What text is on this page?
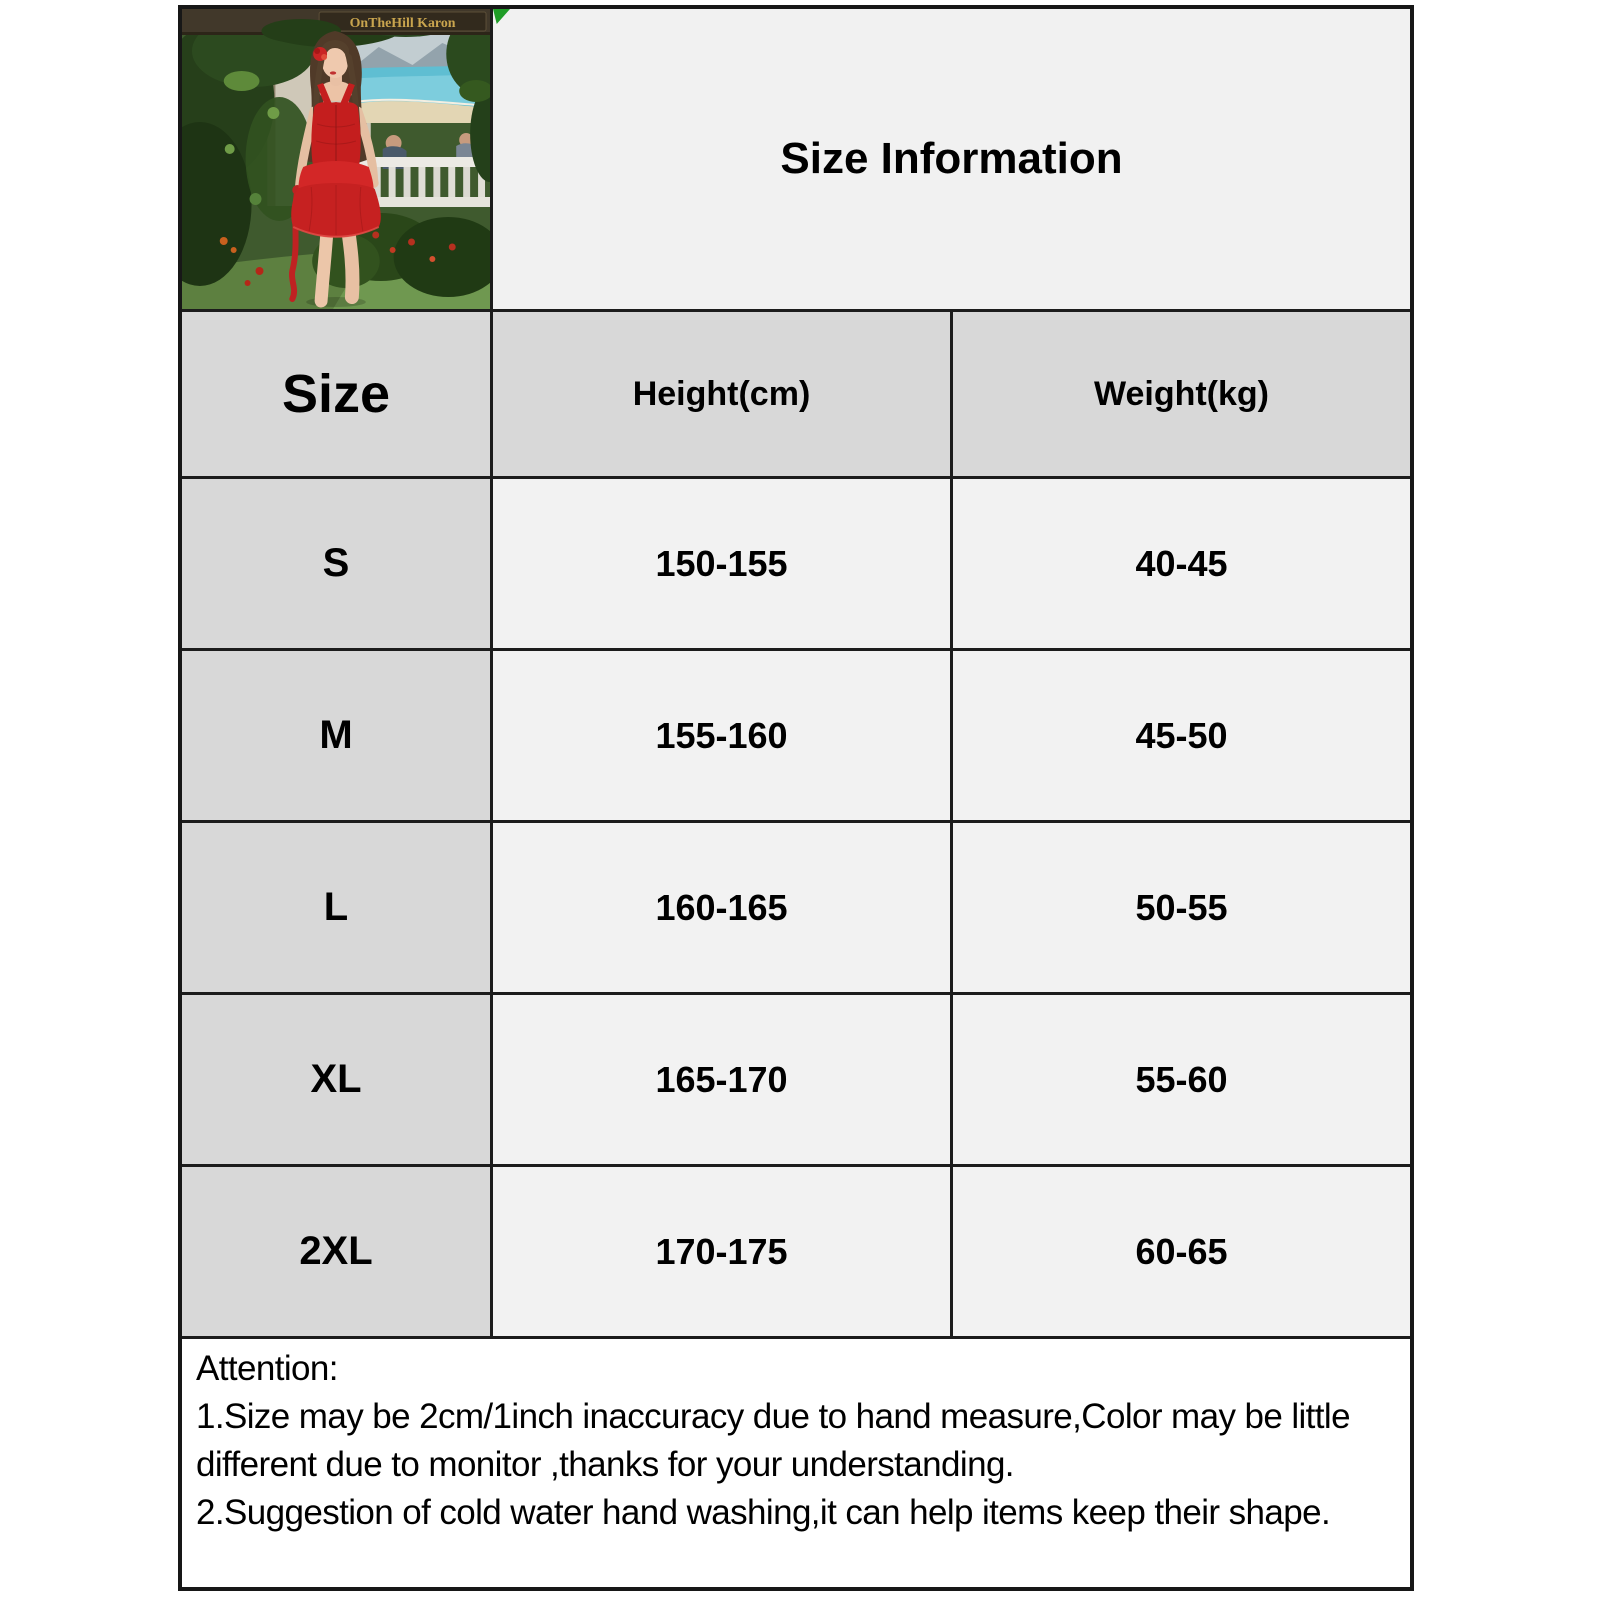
OnTheHill Karon
Size Information
Size	Height(cm)	Weight(kg)
S	150-155	40-45
M	155-160	45-50
L	160-165	50-55
XL	165-170	55-60
2XL	170-175	60-65

Attention:

1.Size may be 2cm/1inch inaccuracy due to hand measure,Color may be little different due to monitor ,thanks for your understanding.

2.Suggestion of cold water hand washing,it can help items keep their shape.
